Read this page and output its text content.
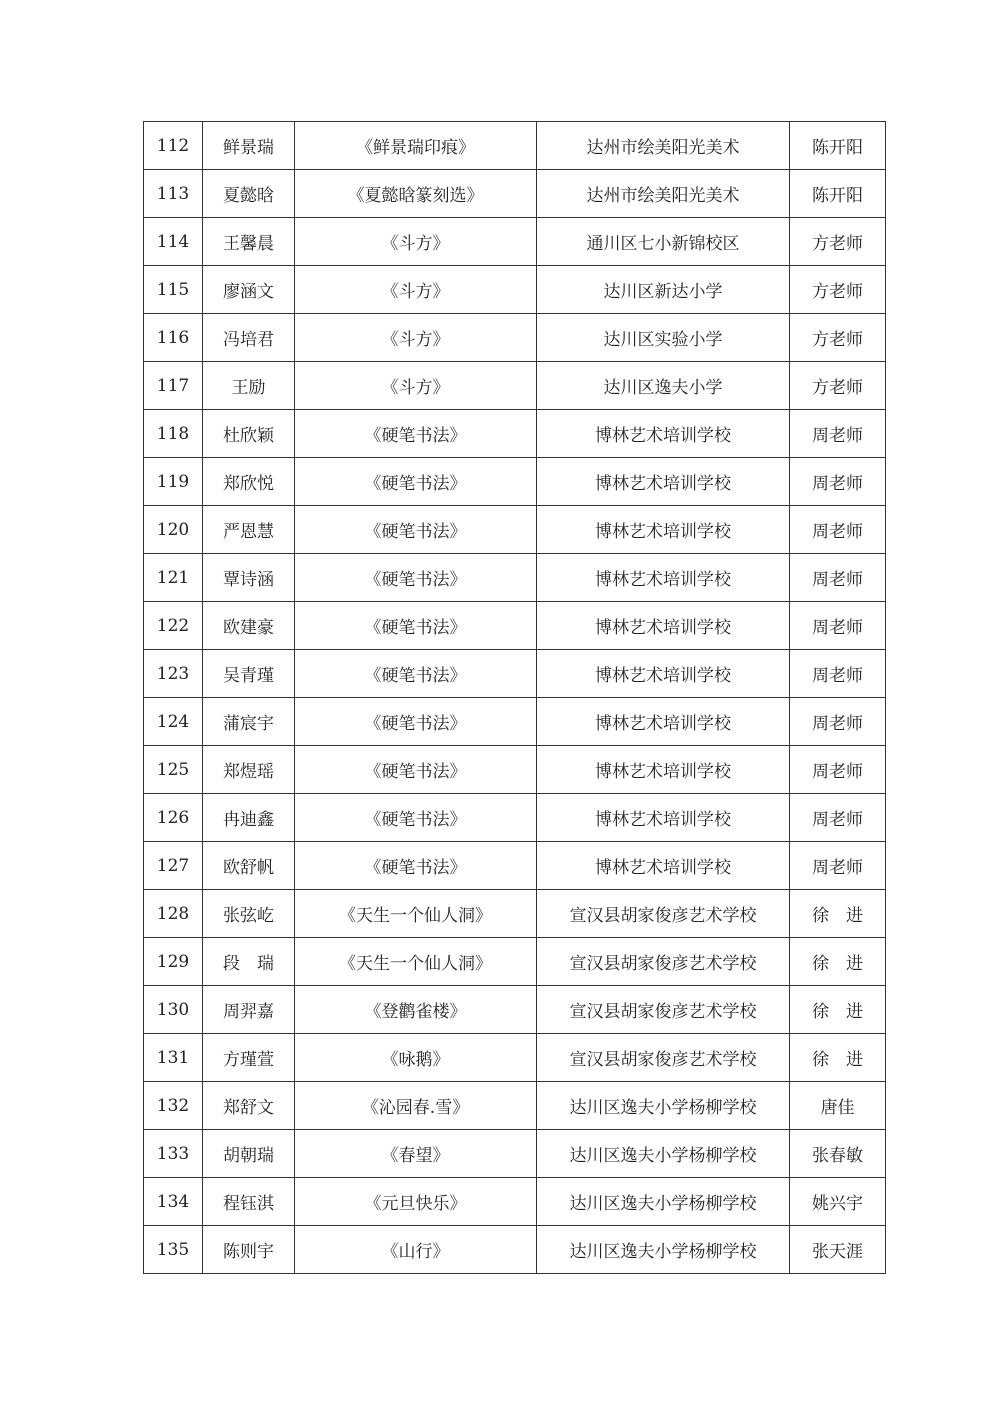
112	鲜景瑞	《鲜景瑞印痕》	达州市绘美阳光美术	陈开阳
113	夏懿晗	《夏懿晗篆刻选》	达州市绘美阳光美术	陈开阳
114	王馨晨	《斗方》	通川区七小新锦校区	方老师
115	廖涵文	《斗方》	达川区新达小学	方老师
116	冯培君	《斗方》	达川区实验小学	方老师
117	王励	《斗方》	达川区逸夫小学	方老师
118	杜欣颖	《硬笔书法》	博林艺术培训学校	周老师
119	郑欣悦	《硬笔书法》	博林艺术培训学校	周老师
120	严恩慧	《硬笔书法》	博林艺术培训学校	周老师
121	覃诗涵	《硬笔书法》	博林艺术培训学校	周老师
122	欧建豪	《硬笔书法》	博林艺术培训学校	周老师
123	吴青瑾	《硬笔书法》	博林艺术培训学校	周老师
124	蒲宸宇	《硬笔书法》	博林艺术培训学校	周老师
125	郑煜瑶	《硬笔书法》	博林艺术培训学校	周老师
126	冉迪鑫	《硬笔书法》	博林艺术培训学校	周老师
127	欧舒帆	《硬笔书法》	博林艺术培训学校	周老师
128	张弦屹	《天生一个仙人洞》	宣汉县胡家俊彦艺术学校	徐　进
129	段　瑞	《天生一个仙人洞》	宣汉县胡家俊彦艺术学校	徐　进
130	周羿嘉	《登鹳雀楼》	宣汉县胡家俊彦艺术学校	徐　进
131	方瑾萱	《咏鹅》	宣汉县胡家俊彦艺术学校	徐　进
132	郑舒文	《沁园春.雪》	达川区逸夫小学杨柳学校	唐佳
133	胡朝瑞	《春望》	达川区逸夫小学杨柳学校	张春敏
134	程钰淇	《元旦快乐》	达川区逸夫小学杨柳学校	姚兴宇
135	陈则宇	《山行》	达川区逸夫小学杨柳学校	张天涯
